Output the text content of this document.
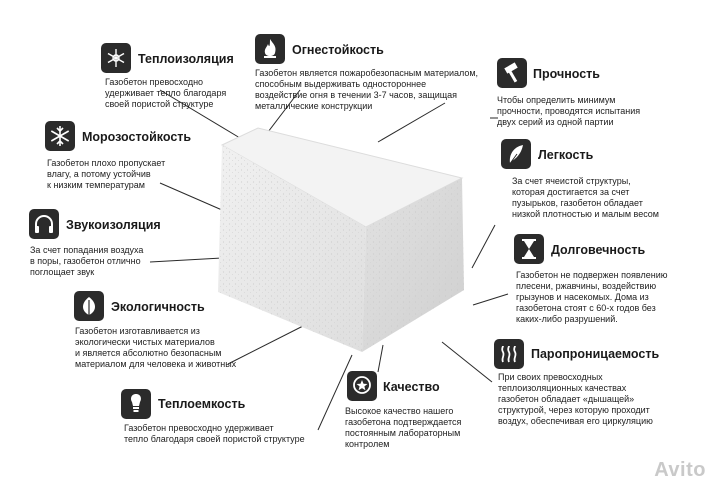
Теплоизоляция
Газобетон превосходно
удерживает тепло благодаря
своей пористой структуре
Огнестойкость
Газобетон является пожаробезопасным материалом,
способным выдерживать одностороннее
воздействие огня в течении 3-7 часов, защищая
металлические конструкции
Прочность
Чтобы определить минимум
прочности, проводятся испытания
двух серий из одной партии
Морозостойкость
Газобетон плохо пропускает
влагу, а потому устойчив
к низким температурам
Легкость
За счет ячеистой структуры,
которая достигается за счет
пузырьков, газобетон обладает
низкой плотностью и малым весом
Звукоизоляция
За счет попадания воздуха
в поры, газобетон отлично
поглощает звук
Долговечность
Газобетон не подвержен появлению
плесени, ржавчины, воздействию
грызунов и насекомых. Дома из
газобетона стоят с 60-х годов без
каких-либо разрушений.
Экологичность
Газобетон изготавливается из
экологически чистых материалов
и является абсолютно безопасным
материалом для человека и животных
Паропроницаемость
При своих превосходных
теплоизоляционных качествах
газобетон обладает «дышащей»
структурой, через которую проходит
воздух, обеспечивая его циркуляцию
Качество
Высокое качество нашего
газобетона подтверждается
постоянным лабораторным
контролем
Теплоемкость
Газобетон превосходно удерживает
тепло благодаря своей пористой структуре
Avito
